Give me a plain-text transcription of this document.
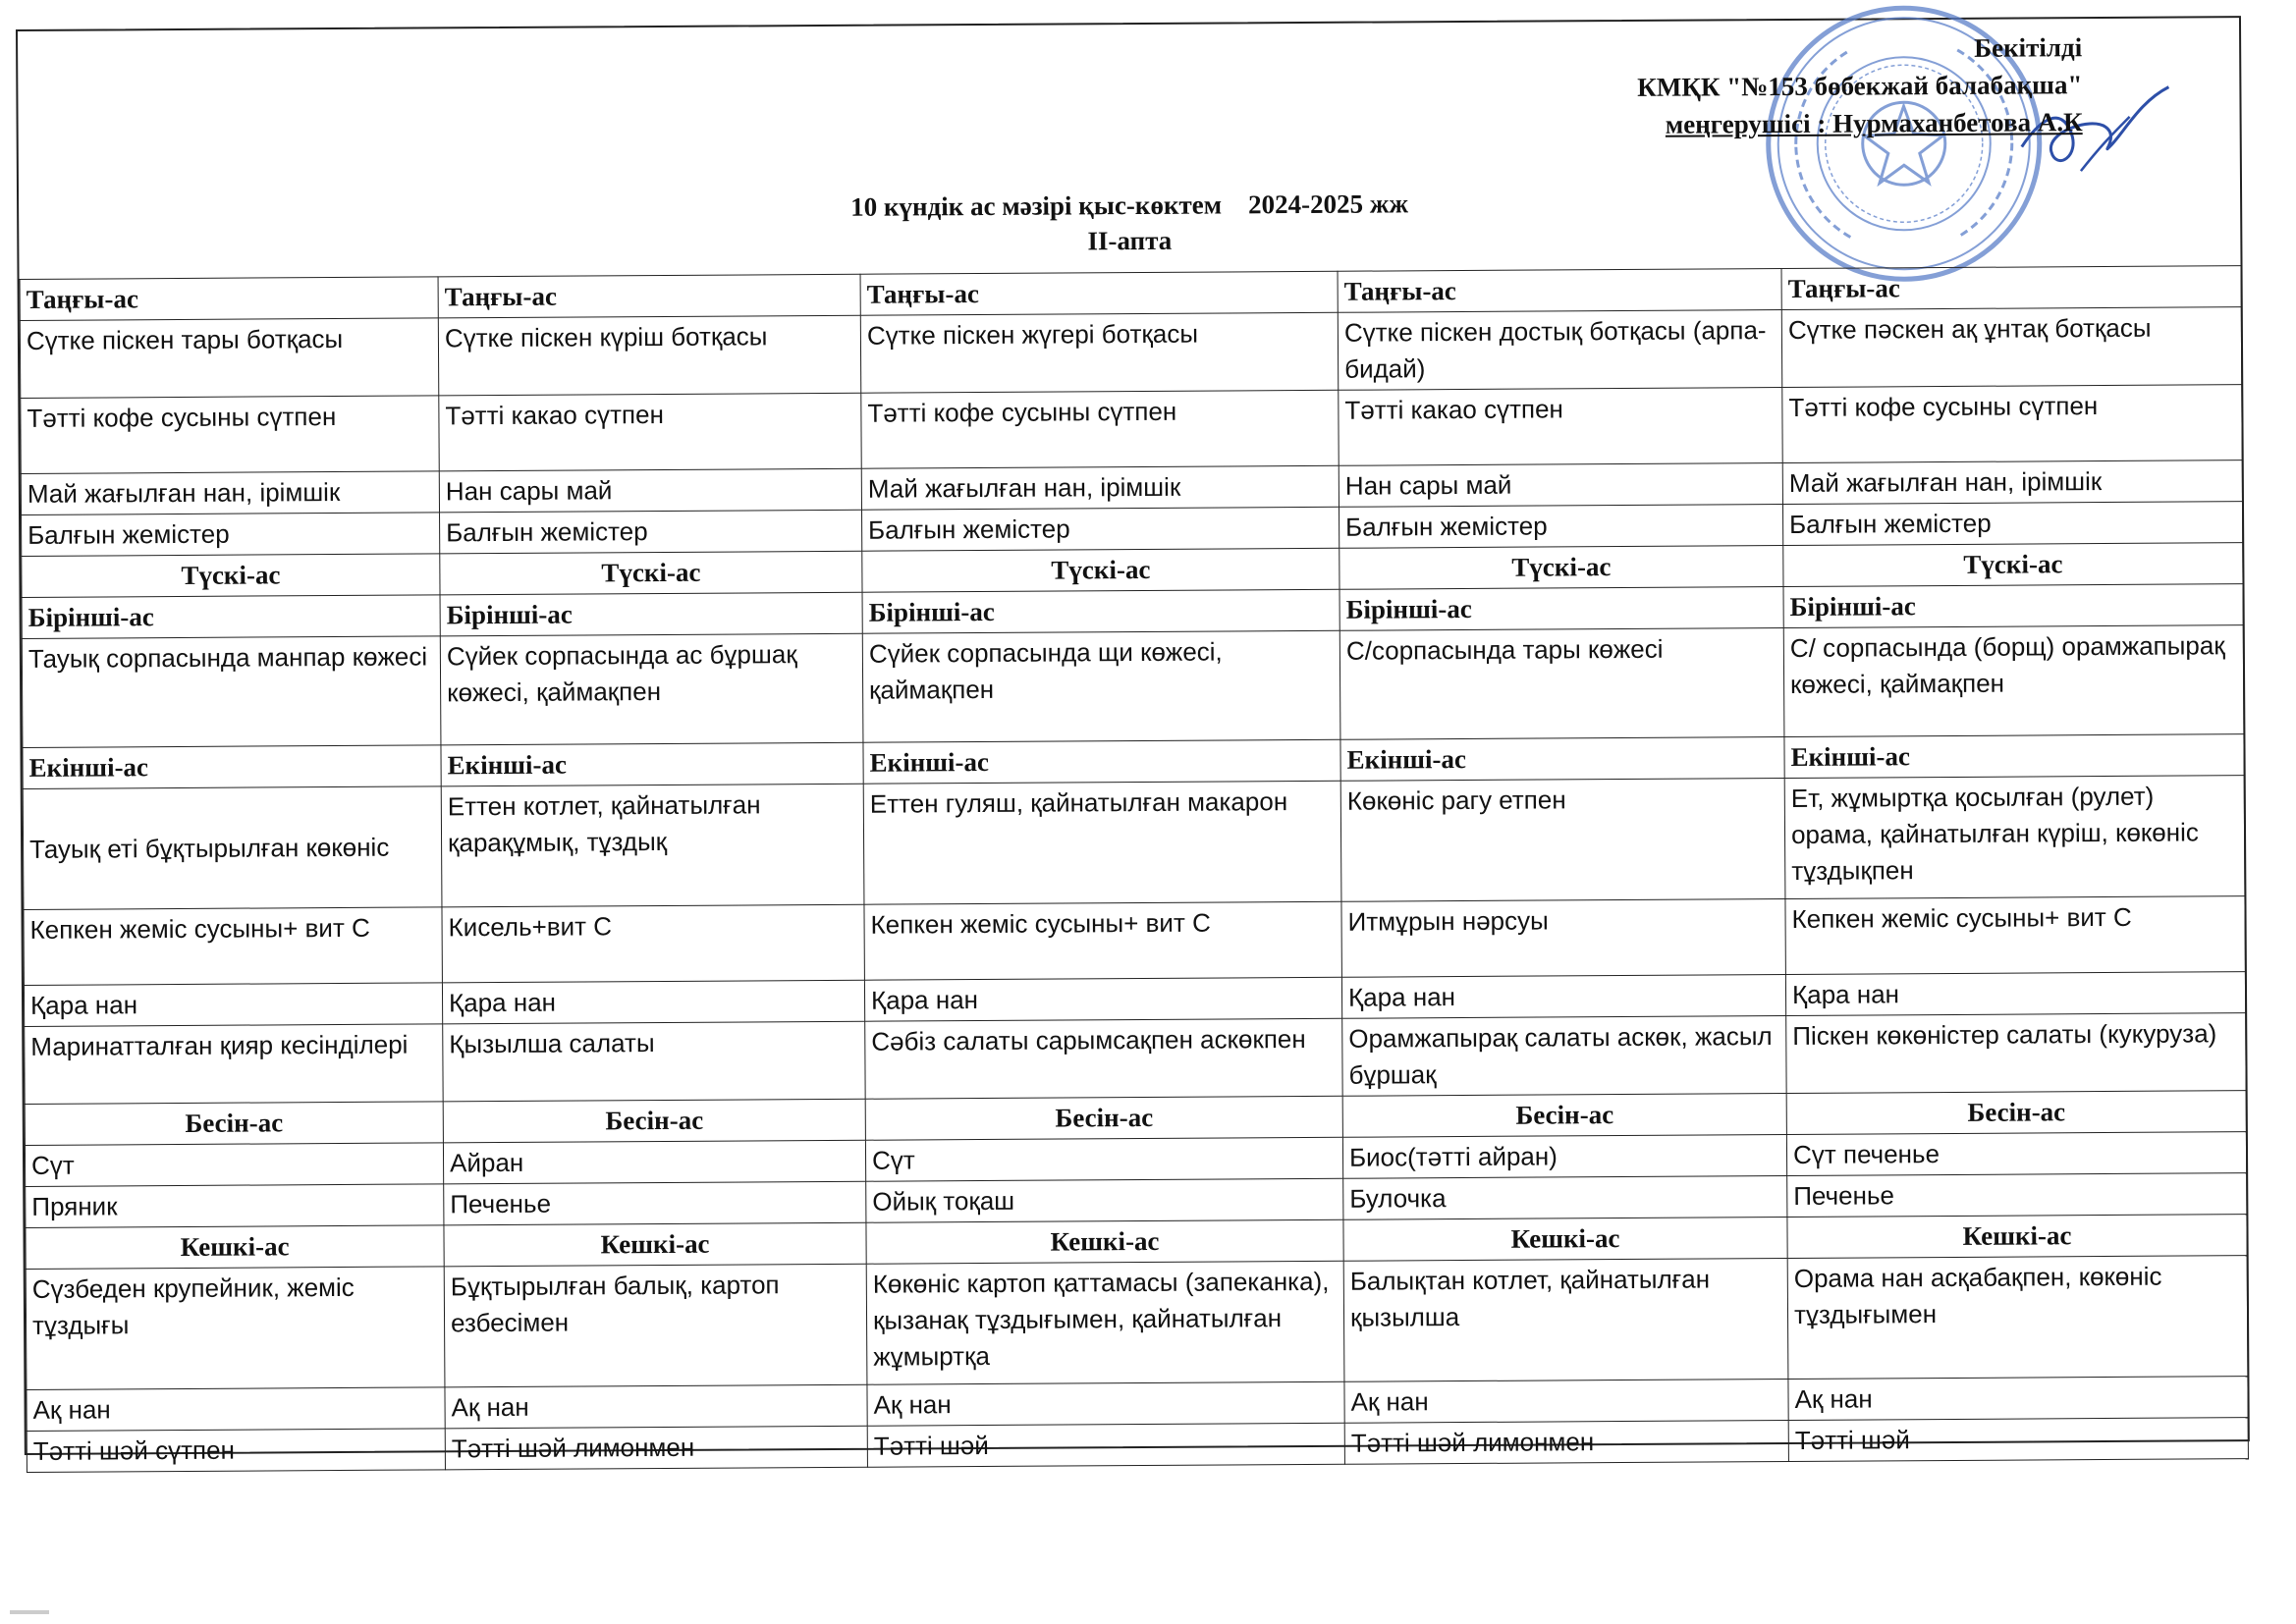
Бекітілді
КМҚК "№153 бөбекжай балабақша"
меңгерушісі : Нурмаханбетова А.К
10 күндік ас мәзірі қыс-көктем    2024-2025 жж
ІІ-апта
Таңғы-ас	Таңғы-ас	Таңғы-ас	Таңғы-ас	Таңғы-ас
Сүтке піскен тары ботқасы	Сүтке піскен күріш ботқасы	Сүтке піскен жүгері ботқасы	Сүтке піскен достық ботқасы (арпа-бидай)	Сүтке пәскен ақ ұнтақ ботқасы
Тәтті кофе сусыны сүтпен	Тәтті какао сүтпен	Тәтті кофе сусыны сүтпен	Тәтті какао сүтпен	Тәтті кофе сусыны сүтпен
Май жағылған нан, ірімшік	Нан сары май	Май жағылған нан, ірімшік	Нан сары май	Май жағылған нан, ірімшік
Балғын жемістер	Балғын жемістер	Балғын жемістер	Балғын жемістер	Балғын жемістер
Түскі-ас	Түскі-ас	Түскі-ас	Түскі-ас	Түскі-ас
Бірінші-ас	Бірінші-ас	Бірінші-ас	Бірінші-ас	Бірінші-ас
Тауық сорпасында манпар көжесі	Сүйек сорпасында ас бұршақ көжесі, қаймақпен	Сүйек сорпасында щи көжесі, қаймақпен	С/сорпасында тары көжесі	С/ сорпасында (борщ) орамжапырақ көжесі, қаймақпен
Екінші-ас	Екінші-ас	Екінші-ас	Екінші-ас	Екінші-ас
Тауық еті бұқтырылған көкөніс	Еттен котлет, қайнатылған қарақұмық, тұздық	Еттен гуляш, қайнатылған макарон	Көкөніс рагу етпен	Ет, жұмыртқа қосылған (рулет) орама, қайнатылған күріш, көкөніс тұздықпен
Кепкен жеміс сусыны+ вит С	Кисель+вит С	Кепкен жеміс сусыны+ вит С	Итмұрын нәрсуы	Кепкен жеміс сусыны+ вит С
Қара нан	Қара нан	Қара нан	Қара нан	Қара нан
Маринатталған қияр кесінділері	Қызылша салаты	Сәбіз салаты сарымсақпен аскөкпен	Орамжапырақ салаты аскөк, жасыл бұршақ	Піскен көкөністер салаты (кукуруза)
Бесін-ас	Бесін-ас	Бесін-ас	Бесін-ас	Бесін-ас
Сүт	Айран	Сүт	Биос(тәтті айран)	Сүт печенье
Пряник	Печенье	Ойық тоқаш	Булочка	Печенье
Кешкі-ас	Кешкі-ас	Кешкі-ас	Кешкі-ас	Кешкі-ас
Сүзбеден крупейник, жеміс тұздығы	Бұқтырылған балық, картоп езбесімен	Көкөніс картоп қаттамасы (запеканка), қызанақ тұздығымен, қайнатылған жұмыртқа	Балықтан котлет, қайнатылған қызылша	Орама нан асқабақпен, көкөніс тұздығымен
Ақ нан	Ақ нан	Ақ нан	Ақ нан	Ақ нан
Тәтті шәй сүтпен	Тәтті шәй лимонмен	Тәтті шәй	Тәтті шәй лимонмен	Тәтті шәй
